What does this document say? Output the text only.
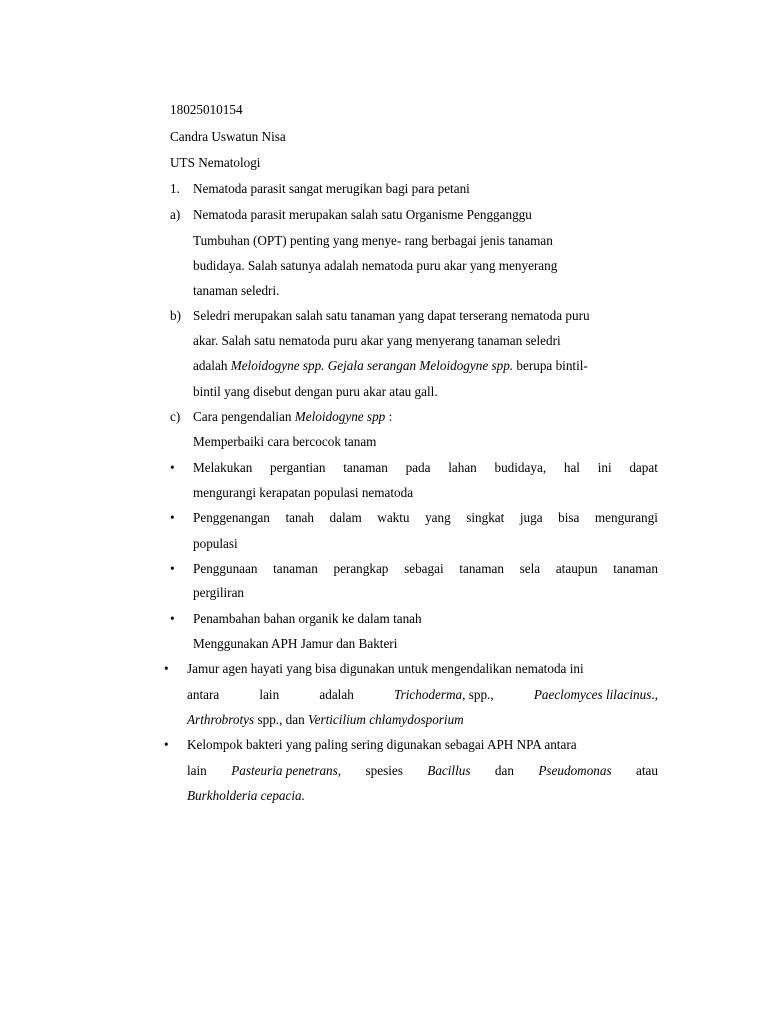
18025010154
Candra Uswatun Nisa
UTS Nematologi
1. Nematoda parasit sangat merugikan bagi para petani
a) Nematoda parasit merupakan salah satu Organisme Pengganggu
Tumbuhan (OPT) penting yang menye- rang berbagai jenis tanaman
budidaya. Salah satunya adalah nematoda puru akar yang menyerang
tanaman seledri.
b) Seledri merupakan salah satu tanaman yang dapat terserang nematoda puru
akar. Salah satu nematoda puru akar yang menyerang tanaman seledri
adalah Meloidogyne spp. Gejala serangan Meloidogyne spp. berupa bintil-
bintil yang disebut dengan puru akar atau gall.
c) Cara pengendalian Meloidogyne spp :
Memperbaiki cara bercocok tanam
• Melakukan pergantian tanaman pada lahan budidaya, hal ini dapat
mengurangi kerapatan populasi nematoda
• Penggenangan tanah dalam waktu yang singkat juga bisa mengurangi
populasi
• Penggunaan tanaman perangkap sebagai tanaman sela ataupun tanaman
pergiliran
• Penambahan bahan organik ke dalam tanah
Menggunakan APH Jamur dan Bakteri
• Jamur agen hayati yang bisa digunakan untuk mengendalikan nematoda ini
antara	lain	adalah	Trichoderma, spp.,	Paeclomyces lilacinus.,
Arthrobrotys spp., dan Verticilium chlamydosporium
• Kelompok bakteri yang paling sering digunakan sebagai APH NPA antara
lain Pasteuria penetrans, spesies Bacillus dan Pseudomonas atau
Burkholderia cepacia.
